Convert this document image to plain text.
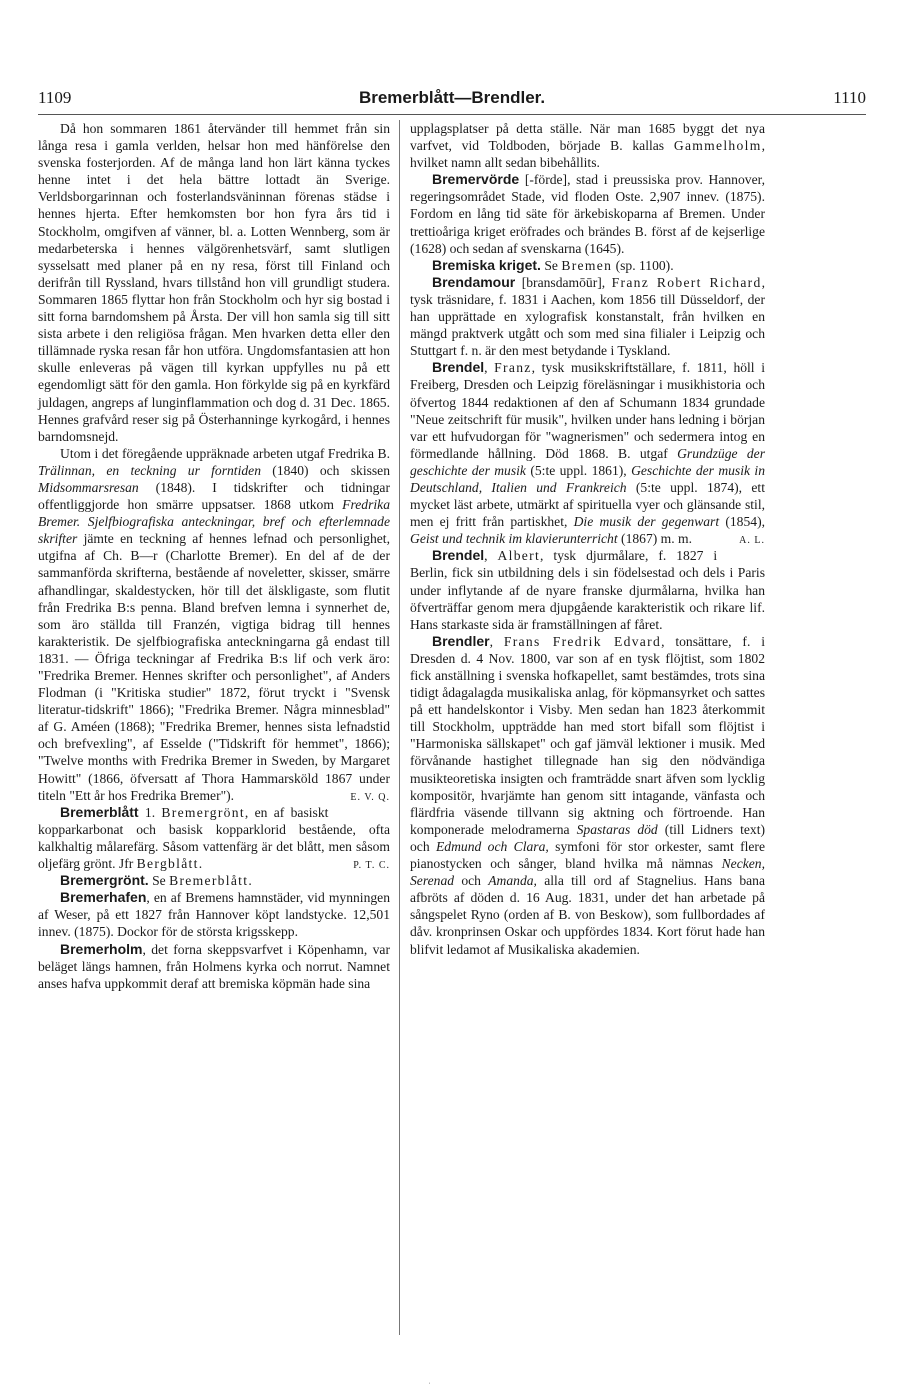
1109	Bremerblått—Brendler.	1110

Då hon sommaren 1861 återvänder till hemmet från sin långa resa i gamla verlden, helsar hon med hänförelse den svenska fosterjorden. Af de många land hon lärt känna tyckes henne intet i det hela bättre lottadt än Sverige. Verldsborgarinnan och fosterlandsväninnan förenas städse i hennes hjerta. Efter hemkomsten bor hon fyra års tid i Stockholm, omgifven af vänner, bl. a. Lotten Wennberg, som är medarbeterska i hennes välgörenhetsvärf, samt slutligen sysselsatt med planer på en ny resa, först till Finland och derifrån till Ryssland, hvars tillstånd hon vill grundligt studera. Sommaren 1865 flyttar hon från Stockholm och hyr sig bostad i sitt forna barndomshem på Årsta. Der vill hon samla sig till sitt sista arbete i den religiösa frågan. Men hvarken detta eller den tillämnade ryska resan får hon utföra. Ungdomsfantasien att hon skulle enleveras på vägen till kyrkan uppfylles nu på ett egendomligt sätt för den gamla. Hon förkylde sig på en kyrkfärd juldagen, angreps af lunginflammation och dog d. 31 Dec. 1865. Hennes grafvård reser sig på Österhanninge kyrkogård, i hennes barndomsnejd.

Utom i det föregående uppräknade arbeten utgaf Fredrika B. Trälinnan, en teckning ur forntiden (1840) och skissen Midsommarsresan (1848). I tidskrifter och tidningar offentliggjorde hon smärre uppsatser. 1868 utkom Fredrika Bremer. Sjelfbiografiska anteckningar, bref och efterlemnade skrifter jämte en teckning af hennes lefnad och personlighet, utgifna af Ch. B—r (Charlotte Bremer). En del af de der sammanförda skrifterna, bestående af noveletter, skisser, smärre afhandlingar, skaldestycken, hör till det älskligaste, som flutit från Fredrika B:s penna. Bland brefven lemna i synnerhet de, som äro ställda till Franzén, vigtiga bidrag till hennes karakteristik. De sjelfbiografiska anteckningarna gå endast till 1831. — Öfriga teckningar af Fredrika B:s lif och verk äro: "Fredrika Bremer. Hennes skrifter och personlighet", af Anders Flodman (i "Kritiska studier" 1872, förut tryckt i "Svensk literatur-tidskrift" 1866); "Fredrika Bremer. Några minnesblad" af G. Améen (1868); "Fredrika Bremer, hennes sista lefnadstid och brefvexling", af Esselde ("Tidskrift för hemmet", 1866); "Twelve months with Fredrika Bremer in Sweden, by Margaret Howitt" (1866, öfversatt af Thora Hammarsköld 1867 under titeln "Ett år hos Fredrika Bremer").	E. V. Q.

Bremerblått 1. Bremergrönt, en af basiskt kopparkarbonat och basisk kopparklorid bestående, ofta kalkhaltig målarefärg. Såsom vattenfärg är det blått, men såsom oljefärg grönt. Jfr Bergblått.	P. T. C.

Bremergrönt. Se Bremerblått.

Bremerhafen, en af Bremens hamnstäder, vid mynningen af Weser, på ett 1827 från Hannover köpt landstycke. 12,501 innev. (1875). Dockor för de största krigsskepp.

Bremerholm, det forna skeppsvarfvet i Köpenhamn, var beläget längs hamnen, från Holmens kyrka och norrut. Namnet anses hafva uppkommit deraf att bremiska köpmän hade sina

upplagsplatser på detta ställe. När man 1685 byggt det nya varfvet, vid Toldboden, började B. kallas Gammelholm, hvilket namn allt sedan bibehållits.

Bremervörde [-förde], stad i preussiska prov. Hannover, regeringsområdet Stade, vid floden Oste. 2,907 innev. (1875). Fordom en lång tid säte för ärkebiskoparna af Bremen. Under trettioåriga kriget eröfrades och brändes B. först af de kejserlige (1628) och sedan af svenskarna (1645).

Bremiska kriget. Se Bremen (sp. 1100).

Brendamour [bransdamōūr], Franz Robert Richard, tysk träsnidare, f. 1831 i Aachen, kom 1856 till Düsseldorf, der han upprättade en xylografisk konstanstalt, från hvilken en mängd praktverk utgått och som med sina filialer i Leipzig och Stuttgart f. n. är den mest betydande i Tyskland.

Brendel, Franz, tysk musikskriftställare, f. 1811, höll i Freiberg, Dresden och Leipzig föreläsningar i musikhistoria och öfvertog 1844 redaktionen af den af Schumann 1834 grundade "Neue zeitschrift für musik", hvilken under hans ledning i början var ett hufvudorgan för "wagnerismen" och sedermera intog en förmedlande hållning. Död 1868. B. utgaf Grundzüge der geschichte der musik (5:te uppl. 1861), Geschichte der musik in Deutschland, Italien und Frankreich (5:te uppl. 1874), ett mycket läst arbete, utmärkt af spirituella vyer och glänsande stil, men ej fritt från partiskhet, Die musik der gegenwart (1854), Geist und technik im klavierunterricht (1867) m. m.	A. L.

Brendel, Albert, tysk djurmålare, f. 1827 i Berlin, fick sin utbildning dels i sin födelsestad och dels i Paris under inflytande af de nyare franske djurmålarna, hvilka han öfverträffar genom mera djupgående karakteristik och rikare lif. Hans starkaste sida är framställningen af fåret.

Brendler, Frans Fredrik Edvard, tonsättare, f. i Dresden d. 4 Nov. 1800, var son af en tysk flöjtist, som 1802 fick anställning i svenska hofkapellet, samt bestämdes, trots sina tidigt ådagalagda musikaliska anlag, för köpmansyrket och sattes på ett handelskontor i Visby. Men sedan han 1823 återkommit till Stockholm, uppträdde han med stort bifall som flöjtist i "Harmoniska sällskapet" och gaf jämväl lektioner i musik. Med förvånande hastighet tillegnade han sig den nödvändiga musikteoretiska insigten och framträdde snart äfven som lycklig kompositör, hvarjämte han genom sitt intagande, vänfasta och flärdfria väsende tillvann sig aktning och förtroende. Han komponerade melodramerna Spastaras död (till Lidners text) och Edmund och Clara, symfoni för stor orkester, samt flere pianostycken och sånger, bland hvilka må nämnas Necken, Serenad och Amanda, alla till ord af Stagnelius. Hans bana afbröts af döden d. 16 Aug. 1831, under det han arbetade på sångspelet Ryno (orden af B. von Beskow), som fullbordades af dåv. kronprinsen Oskar och uppfördes 1834. Kort förut hade han blifvit ledamot af Musikaliska akademien.

ˌ
